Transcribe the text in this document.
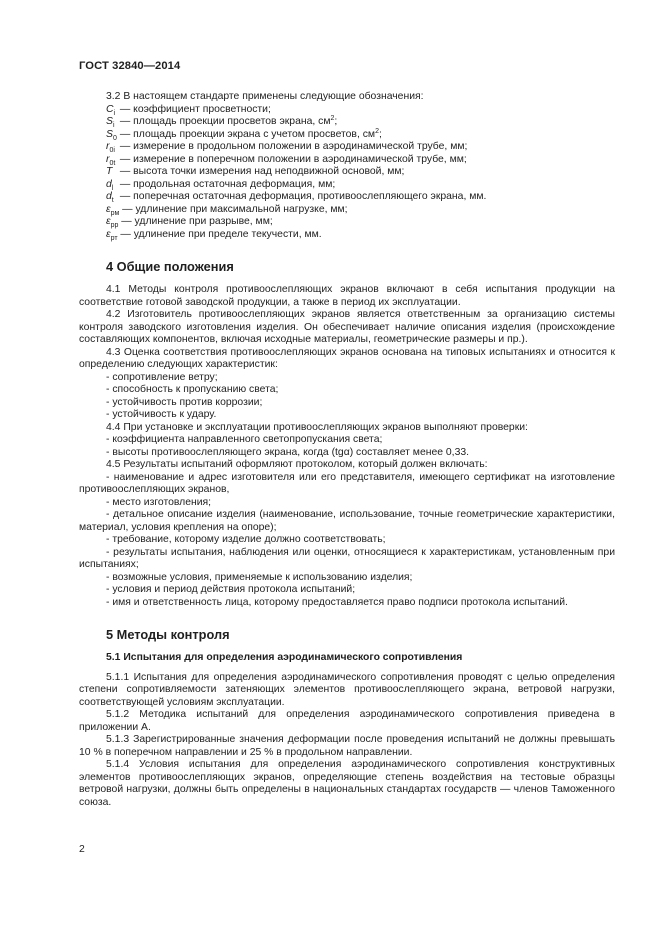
ГОСТ 32840—2014
3.2 В настоящем стандарте применены следующие обозначения:
$C_i$ — коэффициент просветности;
$S_i$ — площадь проекции просветов экрана, $см^2$;
$S_0$ — площадь проекции экрана с учетом просветов, $см^2$;
$r_{0i}$ — измерение в продольном положении в аэродинамической трубе, мм;
$r_{0t}$ — измерение в поперечном положении в аэродинамической трубе, мм;
T — высота точки измерения над неподвижной основой, мм;
$d_l$ — продольная остаточная деформация, мм;
$d_t$ — поперечная остаточная деформация, противоослепляющего экрана, мм.
$\varepsilon_{рм}$ — удлинение при максимальной нагрузке, мм;
$\varepsilon_{рр}$ — удлинение при разрыве, мм;
$\varepsilon_{рт}$ — удлинение при пределе текучести, мм.
4 Общие положения

4.1 Методы контроля противоослепляющих экранов включают в себя испытания продукции на соответствие готовой заводской продукции, а также в период их эксплуатации.

4.2 Изготовитель противоослепляющих экранов является ответственным за организацию системы контроля заводского изготовления изделия. Он обеспечивает наличие описания изделия (происхождение составляющих компонентов, включая исходные материалы, геометрические размеры и пр.).

4.3 Оценка соответствия противоослепляющих экранов основана на типовых испытаниях и относится к определению следующих характеристик:

- сопротивление ветру;
- способность к пропусканию света;
- устойчивость против коррозии;
- устойчивость к удару.

4.4 При установке и эксплуатации противоослепляющих экранов выполняют проверки:

- коэффициента направленного светопропускания света;
- высоты противоослепляющего экрана, когда (tgα) составляет менее 0,33.

4.5 Результаты испытаний оформляют протоколом, который должен включать:

- наименование и адрес изготовителя или его представителя, имеющего сертификат на изготовление противоослепляющих экранов,

- место изготовления;

- детальное описание изделия (наименование, использование, точные геометрические характеристики, материал, условия крепления на опоре);

- требование, которому изделие должно соответствовать;

- результаты испытания, наблюдения или оценки, относящиеся к характеристикам, установленным при испытаниях;

- возможные условия, применяемые к использованию изделия;

- условия и период действия протокола испытаний;

- имя и ответственность лица, которому предоставляется право подписи протокола испытаний.

5 Методы контроля
5.1 Испытания для определения аэродинамического сопротивления

5.1.1 Испытания для определения аэродинамического сопротивления проводят с целью определения степени сопротивляемости затеняющих элементов противоослепляющего экрана, ветровой нагрузки, соответствующей условиям эксплуатации.

5.1.2 Методика испытаний для определения аэродинамического сопротивления приведена в приложении А.

5.1.3 Зарегистрированные значения деформации после проведения испытаний не должны превышать 10 % в поперечном направлении и 25 % в продольном направлении.

5.1.4 Условия испытания для определения аэродинамического сопротивления конструктивных элементов противоослепляющих экранов, определяющие степень воздействия на тестовые образцы ветровой нагрузки, должны быть определены в национальных стандартах государств — членов Таможенного союза.

2
